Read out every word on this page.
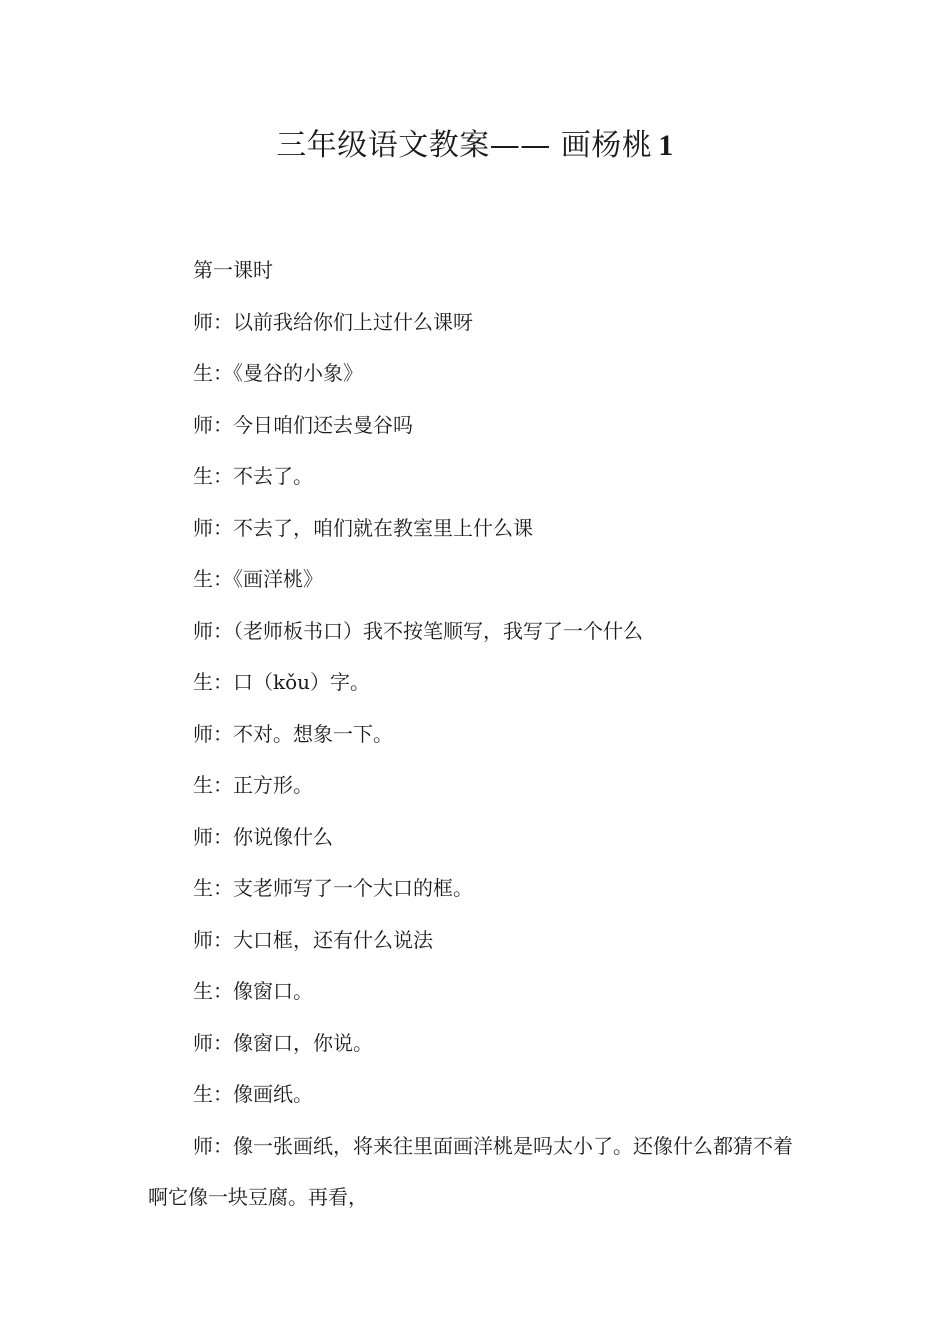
三年级语文教案—— 画杨桃 1

第一课时

师：以前我给你们上过什么课呀

生：《曼谷的小象》

师：今日咱们还去曼谷吗

生：不去了。

师：不去了，咱们就在教室里上什么课

生：《画洋桃》

师：（老师板书口）我不按笔顺写，我写了一个什么

生：口（kǒu）字。

师：不对。想象一下。

生：正方形。

师：你说像什么

生：支老师写了一个大口的框。

师：大口框，还有什么说法

生：像窗口。

师：像窗口，你说。

生：像画纸。

师：像一张画纸，将来往里面画洋桃是吗太小了。还像什么都猜不着啊它像一块豆腐。再看，
